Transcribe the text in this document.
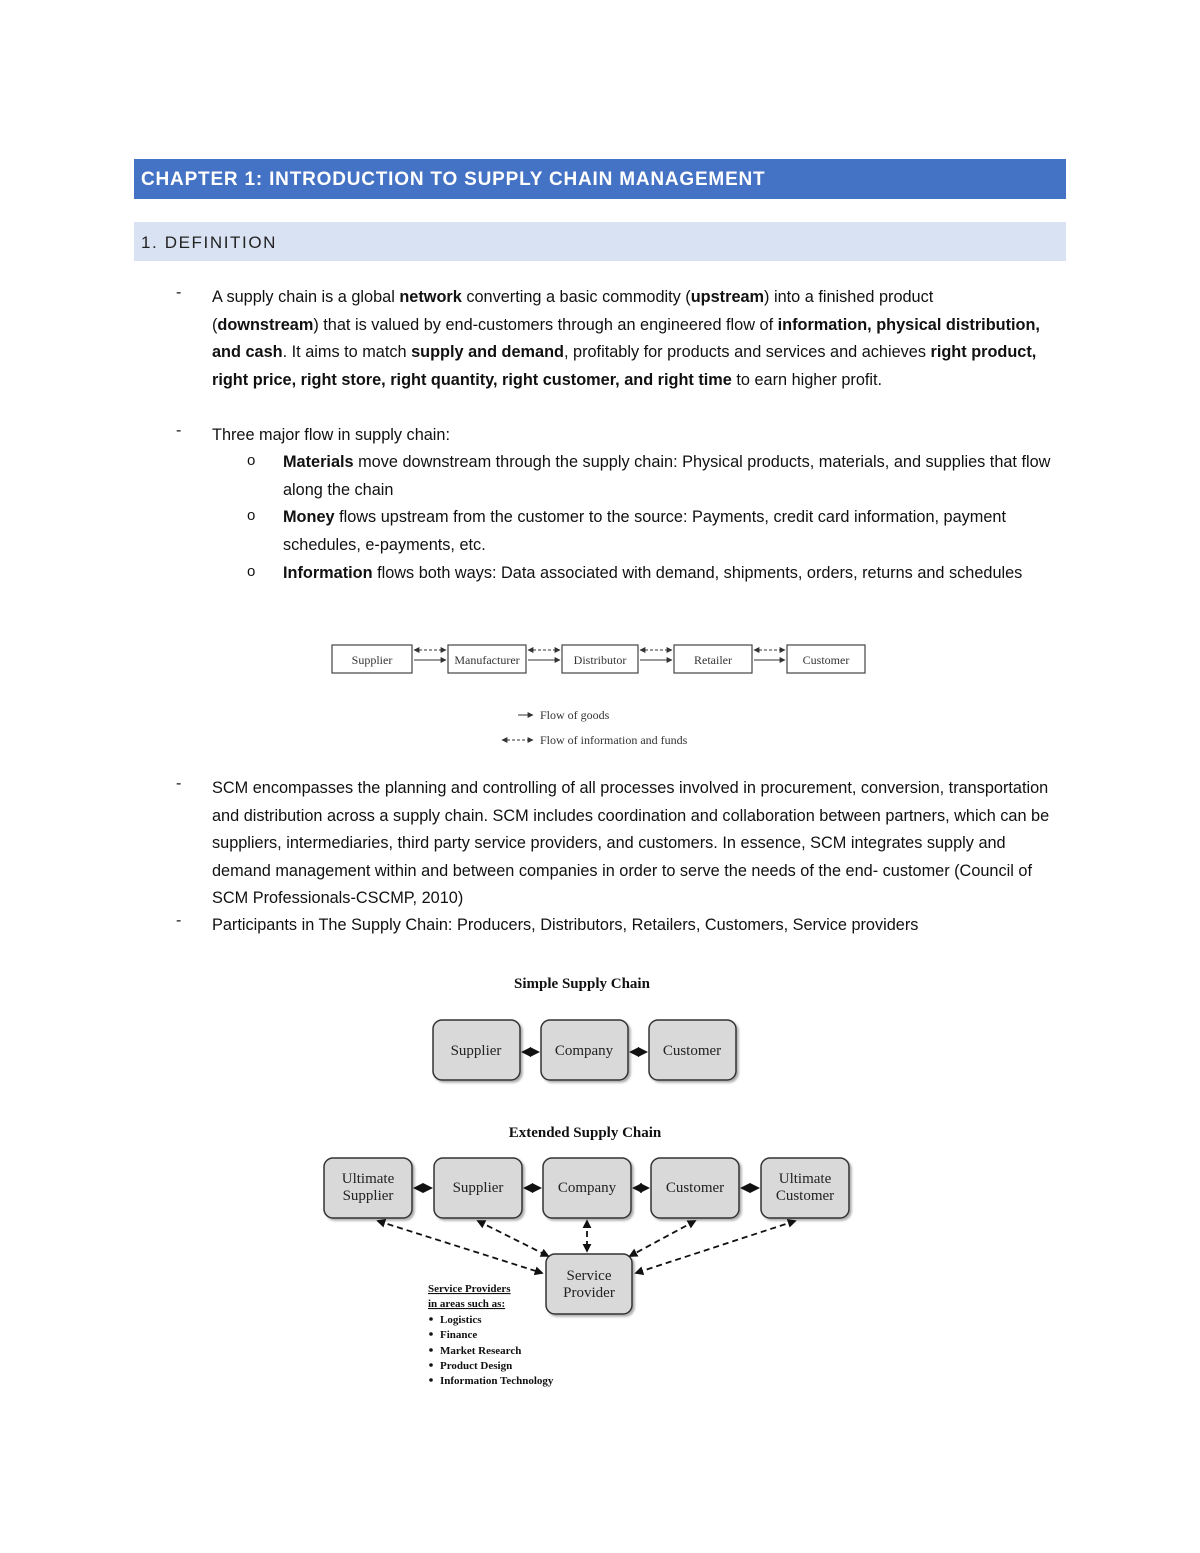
CHAPTER 1: INTRODUCTION TO SUPPLY CHAIN MANAGEMENT
1. DEFINITION
- A supply chain is a global network converting a basic commodity (upstream) into a finished product (downstream) that is valued by end-customers through an engineered flow of information, physical distribution, and cash. It aims to match supply and demand, profitably for products and services and achieves right product, right price, right store, right quantity, right customer, and right time to earn higher profit.
- Three major flow in supply chain:
o Materials move downstream through the supply chain: Physical products, materials, and supplies that flow along the chain
o Money flows upstream from the customer to the source: Payments, credit card information, payment schedules, e-payments, etc.
o Information flows both ways: Data associated with demand, shipments, orders, returns and schedules
Supplier	Manufacturer	Distributor	Retailer	Customer
Flow of goods
Flow of information and funds
- SCM encompasses the planning and controlling of all processes involved in procurement, conversion, transportation and distribution across a supply chain. SCM includes coordination and collaboration between partners, which can be suppliers, intermediaries, third party service providers, and customers. In essence, SCM integrates supply and demand management within and between companies in order to serve the needs of the end- customer (Council of SCM Professionals-CSCMP, 2010)
- Participants in The Supply Chain: Producers, Distributors, Retailers, Customers, Service providers
Simple Supply Chain
Supplier	Company	Customer
Extended Supply Chain
Ultimate
Supplier	Supplier	Company	Customer
Ultimate
Customer
Service
Provider
Service Providers
in areas such as:
Logistics
Finance
Market Research
Product Design
Information Technology
